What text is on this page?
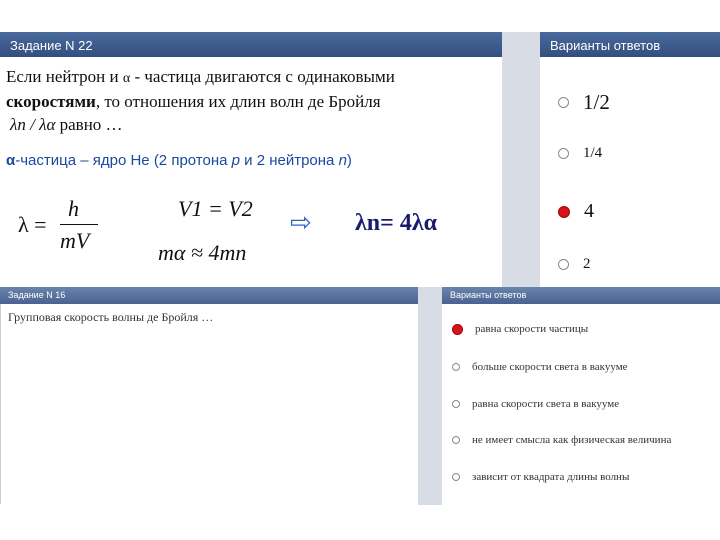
Задание N 22	Варианты ответов
Если нейтрон и α - частица двигаются с одинаковыми
скоростями, то отношения их длин волн де Бройля
λn / λα равно …
α-частица – ядро He (2 протона p и 2 нейтрона n)
λ =
h
mV
V1 = V2
mα ≈ 4mn
⇨ λn= 4λα
1/2
1/4
4
2
Задание N 16	Варианты ответов
Групповая скорость волны де Бройля …
равна скорости частицы
больше скорости света в вакууме
равна скорости света в вакууме
не имеет смысла как физическая величина
зависит от квадрата длины волны
